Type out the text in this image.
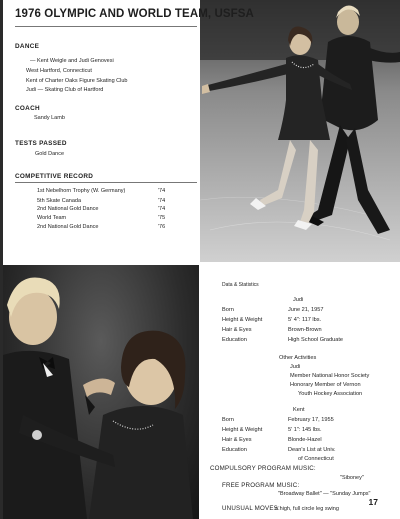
1976 OLYMPIC AND WORLD TEAM, USFSA
DANCE
— Kent Weigle and Judi Genovesi
West Hartford, Connecticut
Kent of Charter Oaks Figure Skating Club
Judi — Skating Club of Hartford
COACH
Sandy Lamb
TESTS PASSED
Gold Dance
COMPETITIVE RECORD
1st Nebelhorn Trophy (W. Germany)	'74
5th Skate Canada	'74
2nd National Gold Dance	'74
World Team	'75
2nd National Gold Dance	'76
Data & Statistics
Judi
Born	June 21, 1957
Height & Weight	5' 4": 117 lbs.
Hair & Eyes	Brown-Brown
Education	High School Graduate
Other Activities
Judi
Member National Honor Society
Honorary Member of Vernon
Youth Hockey Association
Kent
Born	February 17, 1955
Height & Weight	5' 1": 145 lbs.
Hair & Eyes	Blonde-Hazel
Education	Dean's List at Univ.
of Connecticut
COMPULSORY PROGRAM MUSIC:
"Siboney"
FREE PROGRAM MUSIC:
"Broadway Ballet" — "Sunday Jumps"
UNUSUAL MOVES:
a high, full circle leg swing
17
